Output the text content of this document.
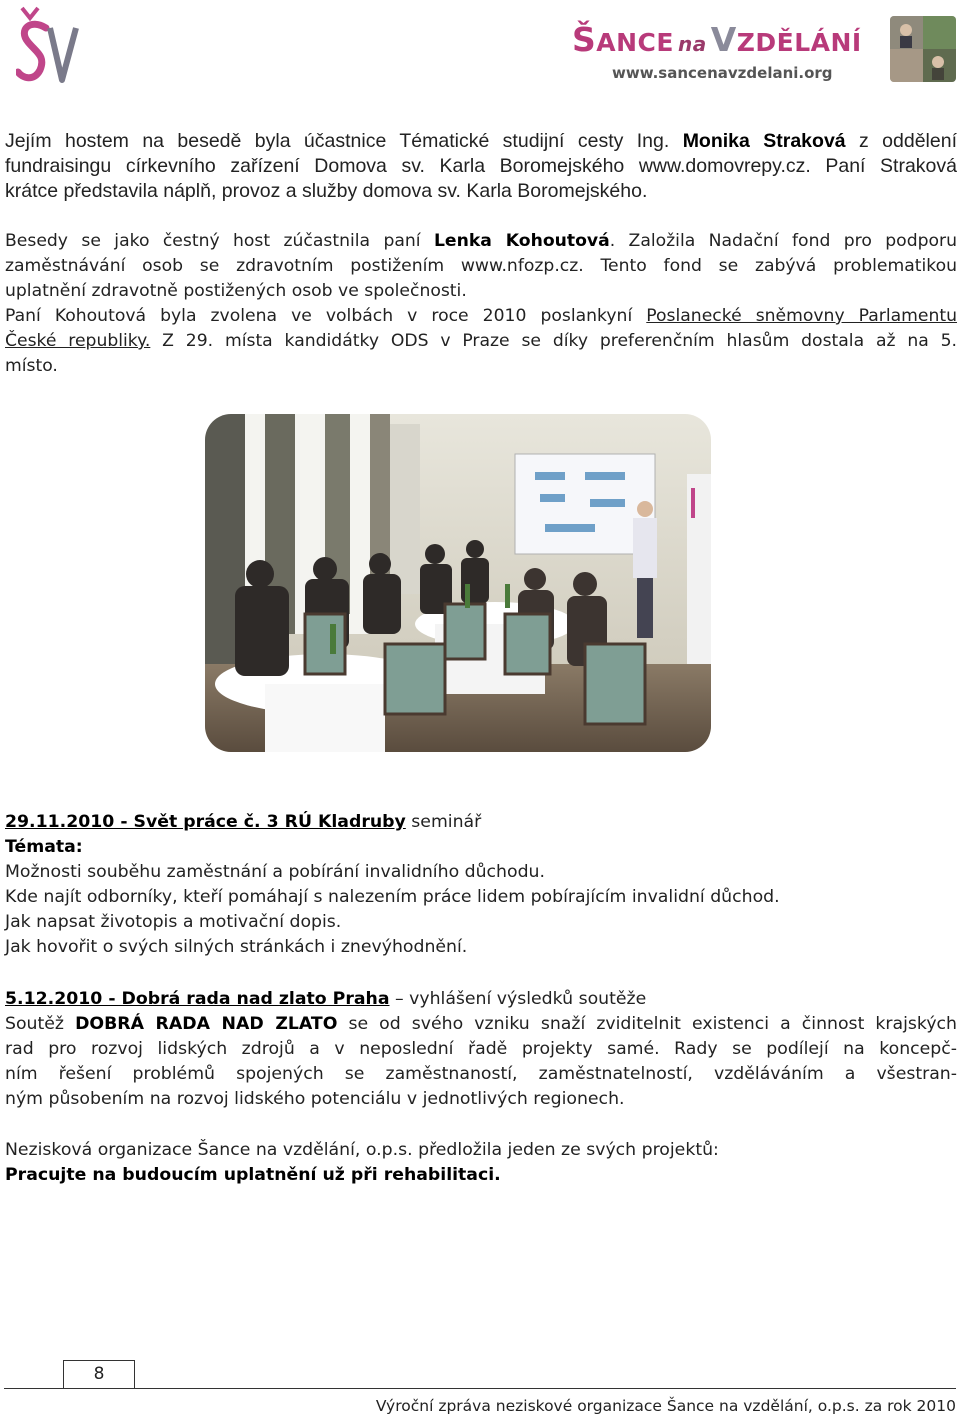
ŠANCE na VZDĚLÁNÍ
www.sancenavzdelani.org
Jejím hostem na besedě byla účastnice Tématické studijní cesty Ing. Monika Straková z oddělení
fundraisingu církevního zařízení Domova sv. Karla Boromejského www.domovrepy.cz. Paní Straková
krátce představila náplň, provoz a služby domova sv. Karla Boromejského.
Besedy se jako čestný host zúčastnila paní Lenka Kohoutová. Založila Nadační fond pro podporu
zaměstnávání osob se zdravotním postižením www.nfozp.cz. Tento fond se zabývá problematikou
uplatnění zdravotně postižených osob ve společnosti.
Paní Kohoutová byla zvolena ve volbách v roce 2010 poslankyní Poslanecké sněmovny Parlamentu
České republiky. Z 29. místa kandidátky ODS v Praze se díky preferenčním hlasům dostala až na 5.
místo.
29.11.2010 - Svět práce č. 3 RÚ Kladruby seminář
Témata:
Možnosti souběhu zaměstnání a pobírání invalidního důchodu.
Kde najít odborníky, kteří pomáhají s nalezením práce lidem pobírajícím invalidní důchod.
Jak napsat životopis a motivační dopis.
Jak hovořit o svých silných stránkách i znevýhodnění.
5.12.2010 - Dobrá rada nad zlato Praha – vyhlášení výsledků soutěže
Soutěž DOBRÁ RADA NAD ZLATO se od svého vzniku snaží zviditelnit existenci a činnost krajských
rad pro rozvoj lidských zdrojů a v neposlední řadě projekty samé. Rady se podílejí na koncepč-
ním řešení problémů spojených se zaměstnaností, zaměstnatelností, vzděláváním a všestran-
ným působením na rozvoj lidského potenciálu v jednotlivých regionech.
Nezisková organizace Šance na vzdělání, o.p.s. předložila jeden ze svých projektů:
Pracujte na budoucím uplatnění už při rehabilitaci.
8
Výroční zpráva neziskové organizace Šance na vzdělání, o.p.s. za rok 2010
